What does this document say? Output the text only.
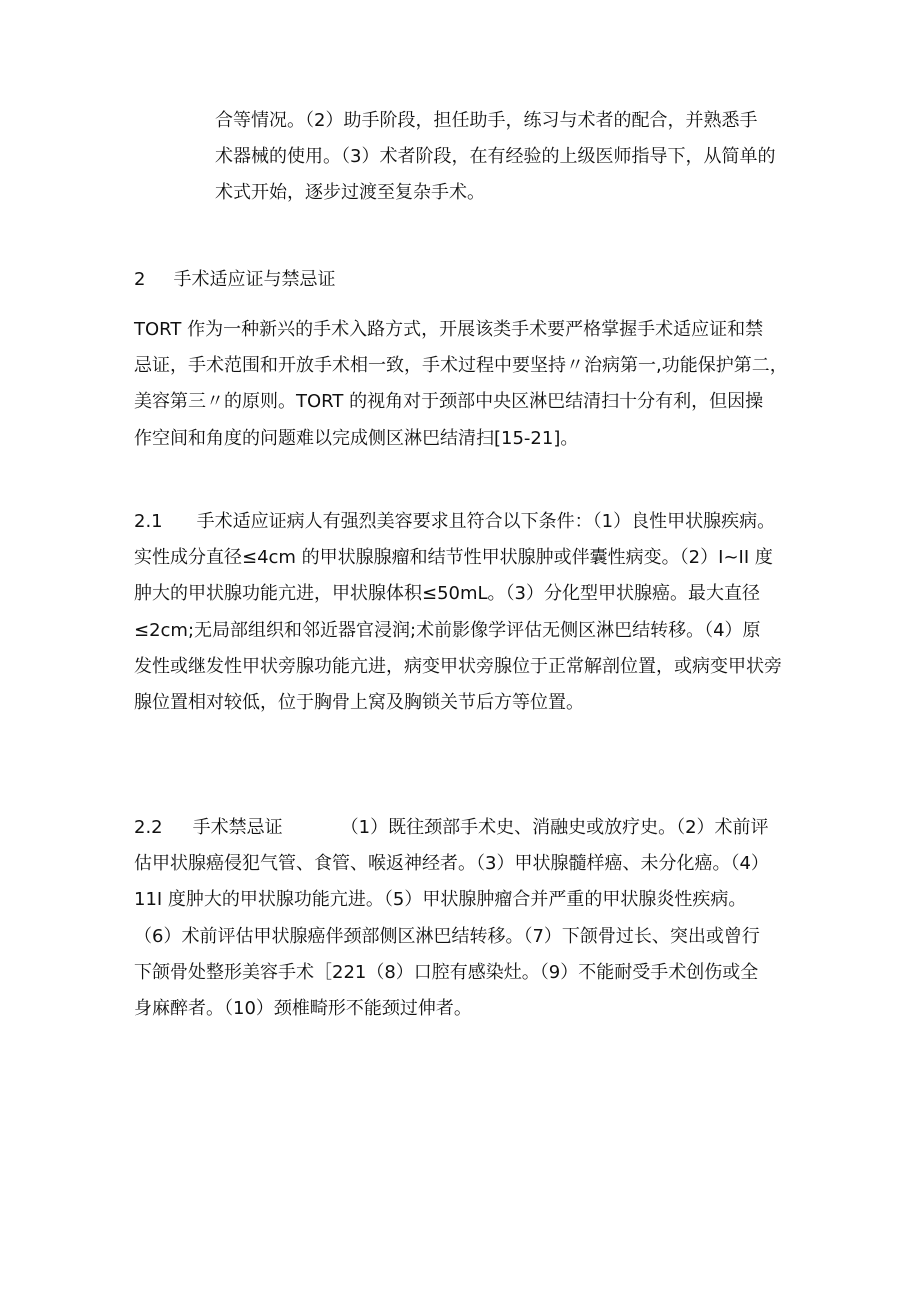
合等情况。（2）助手阶段，担任助手，练习与术者的配合，并熟悉手
术器械的使用。（3）术者阶段，在有经验的上级医师指导下，从简单的
术式开始，逐步过渡至复杂手术。
2 手术适应证与禁忌证
TORT 作为一种新兴的手术入路方式，开展该类手术要严格掌握手术适应证和禁
忌证，手术范围和开放手术相一致，手术过程中要坚持〃治病第一,功能保护第二，
美容第三〃的原则。TORT 的视角对于颈部中央区淋巴结清扫十分有利，但因操
作空间和角度的问题难以完成侧区淋巴结清扫[15-21]。
2.1 手术适应证病人有强烈美容要求且符合以下条件：（1）良性甲状腺疾病。
实性成分直径≤4cm 的甲状腺腺瘤和结节性甲状腺肿或伴囊性病变。（2）I~II 度
肿大的甲状腺功能亢进，甲状腺体积≤50mL。（3）分化型甲状腺癌。最大直径
≤2cm;无局部组织和邻近器官浸润;术前影像学评估无侧区淋巴结转移。（4）原
发性或继发性甲状旁腺功能亢进，病变甲状旁腺位于正常解剖位置，或病变甲状旁
腺位置相对较低，位于胸骨上窝及胸锁关节后方等位置。
2.2 手术禁忌证	（1）既往颈部手术史、消融史或放疗史。（2）术前评
估甲状腺癌侵犯气管、食管、喉返神经者。（3）甲状腺髓样癌、未分化癌。（4）
11I 度肿大的甲状腺功能亢进。（5）甲状腺肿瘤合并严重的甲状腺炎性疾病。
（6）术前评估甲状腺癌伴颈部侧区淋巴结转移。（7）下颌骨过长、突出或曾行
下颌骨处整形美容手术［221（8）口腔有感染灶。（9）不能耐受手术创伤或全
身麻醉者。（10）颈椎畸形不能颈过伸者。
